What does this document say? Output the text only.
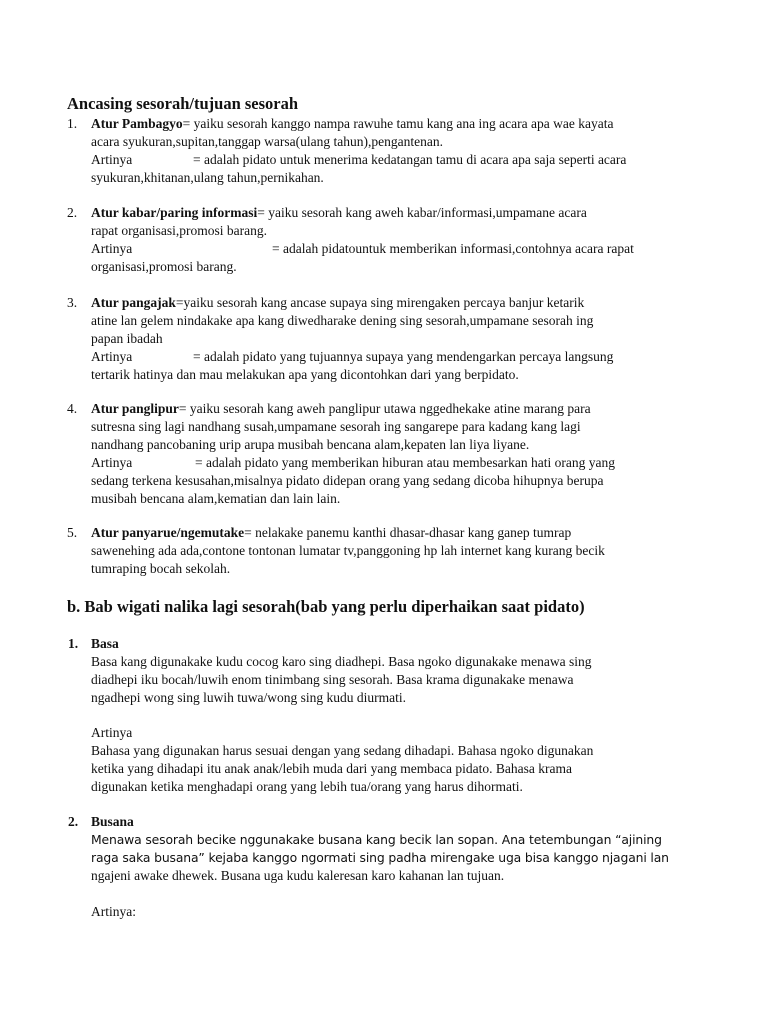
Ancasing sesorah/tujuan sesorah
1. Atur Pambagyo= yaiku sesorah kanggo nampa rawuhe tamu kang ana ing acara apa wae kayata

acara syukuran,supitan,tanggap warsa(ulang tahun),pengantenan.

Artinya	= adalah pidato untuk menerima kedatangan tamu di acara apa saja seperti acara

syukuran,khitanan,ulang tahun,pernikahan.

2. Atur kabar/paring informasi= yaiku sesorah kang aweh kabar/informasi,umpamane acara

rapat organisasi,promosi barang.

Artinya	= adalah pidatountuk memberikan informasi,contohnya acara rapat

organisasi,promosi barang.

3. Atur pangajak=yaiku sesorah kang ancase supaya sing mirengaken percaya banjur ketarik

atine lan gelem nindakake apa kang diwedharake dening sing sesorah,umpamane sesorah ing

papan ibadah

Artinya	= adalah pidato yang tujuannya supaya yang mendengarkan percaya langsung

tertarik hatinya dan mau melakukan apa yang dicontohkan dari yang berpidato.

4. Atur panglipur= yaiku sesorah kang aweh panglipur utawa nggedhekake atine marang para

sutresna sing lagi nandhang susah,umpamane sesorah ing sangarepe para kadang kang lagi

nandhang pancobaning urip arupa musibah bencana alam,kepaten lan liya liyane.

Artinya	= adalah pidato yang memberikan hiburan atau membesarkan hati orang yang

sedang terkena kesusahan,misalnya pidato didepan orang yang sedang dicoba hihupnya berupa

musibah bencana alam,kematian dan lain lain.

5. Atur panyarue/ngemutake= nelakake panemu kanthi dhasar-dhasar kang ganep tumrap

sawenehing ada ada,contone tontonan lumatar tv,panggoning hp lah internet kang kurang becik

tumraping bocah sekolah.

b. Bab wigati nalika lagi sesorah(bab yang perlu diperhaikan saat pidato)
1. Basa

Basa kang digunakake kudu cocog karo sing diadhepi. Basa ngoko digunakake menawa sing

diadhepi iku bocah/luwih enom tinimbang sing sesorah. Basa krama digunakake menawa

ngadhepi wong sing luwih tuwa/wong sing kudu diurmati.

Artinya

Bahasa yang digunakan harus sesuai dengan yang sedang dihadapi. Bahasa ngoko digunakan

ketika yang dihadapi itu anak anak/lebih muda dari yang membaca pidato. Bahasa krama

digunakan ketika menghadapi orang yang lebih tua/orang yang harus dihormati.

2. Busana

Menawa sesorah becike nggunakake busana kang becik lan sopan. Ana tetembungan “ajining

raga saka busana” kejaba kanggo ngormati sing padha mirengake uga bisa kanggo njagani lan

ngajeni awake dhewek. Busana uga kudu kaleresan karo kahanan lan tujuan.

Artinya:
